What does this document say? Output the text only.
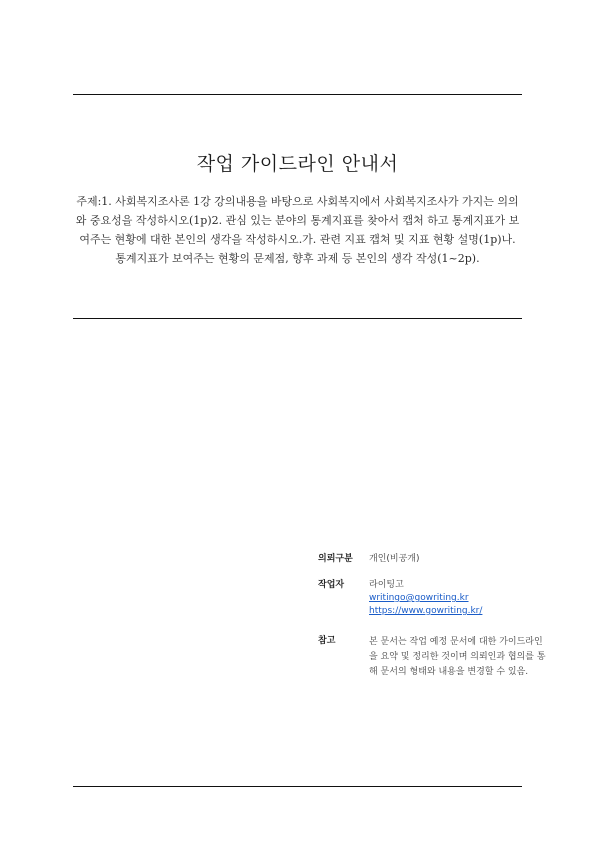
작업 가이드라인 안내서
주제:1. 사회복지조사론 1강 강의내용을 바탕으로 사회복지에서 사회복지조사가 가지는 의의와 중요성을 작성하시오(1p)2. 관심 있는 분야의 통계지표를 찾아서 캡처 하고 통계지표가 보여주는 현황에 대한 본인의 생각을 작성하시오.가. 관련 지표 캡쳐 및 지표 현황 설명(1p)나. 통계지표가 보여주는 현황의 문제점, 향후 과제 등 본인의 생각 작성(1~2p).
의뢰구분	개인(비공개)
작업자	라이팅고
writingo@gowriting.kr
https://www.gowriting.kr/
참고	본 문서는 작업 예정 문서에 대한 가이드라인을 요약 및 정리한 것이며 의뢰인과 협의를 통해 문서의 형태와 내용을 변경할 수 있음.
